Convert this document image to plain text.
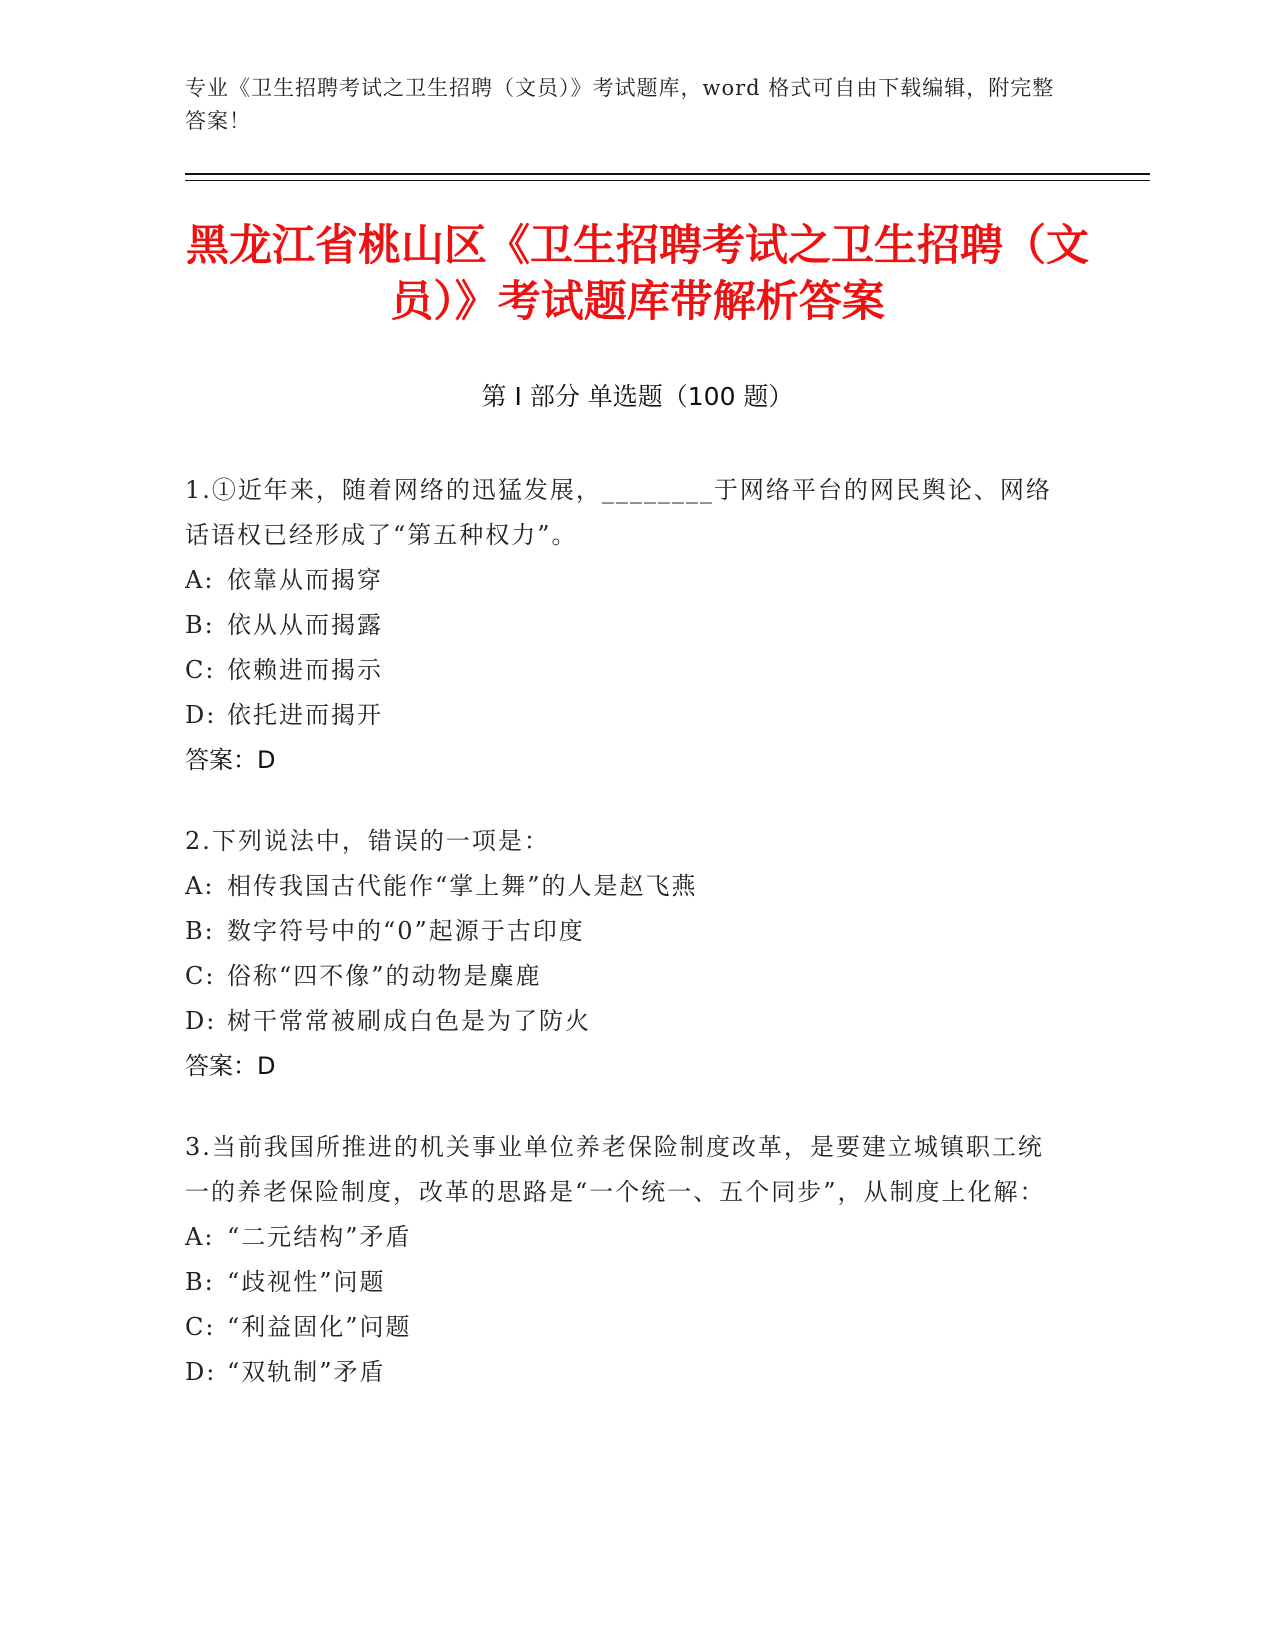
专业《卫生招聘考试之卫生招聘（文员）》考试题库，word 格式可自由下载编辑，附完整答案！
黑龙江省桃山区《卫生招聘考试之卫生招聘（文员）》考试题库带解析答案
第 I 部分 单选题（100 题）
1.①近年来，随着网络的迅猛发展，________于网络平台的网民舆论、网络话语权已经形成了“第五种权力”。
A: 依靠从而揭穿
B: 依从从而揭露
C: 依赖进而揭示
D: 依托进而揭开
答案：D
2.下列说法中，错误的一项是：
A: 相传我国古代能作“掌上舞”的人是赵飞燕
B: 数字符号中的“0”起源于古印度
C: 俗称“四不像”的动物是麋鹿
D: 树干常常被刷成白色是为了防火
答案：D
3.当前我国所推进的机关事业单位养老保险制度改革，是要建立城镇职工统一的养老保险制度，改革的思路是“一个统一、五个同步”，从制度上化解：
A: “二元结构”矛盾
B: “歧视性”问题
C: “利益固化”问题
D: “双轨制”矛盾
